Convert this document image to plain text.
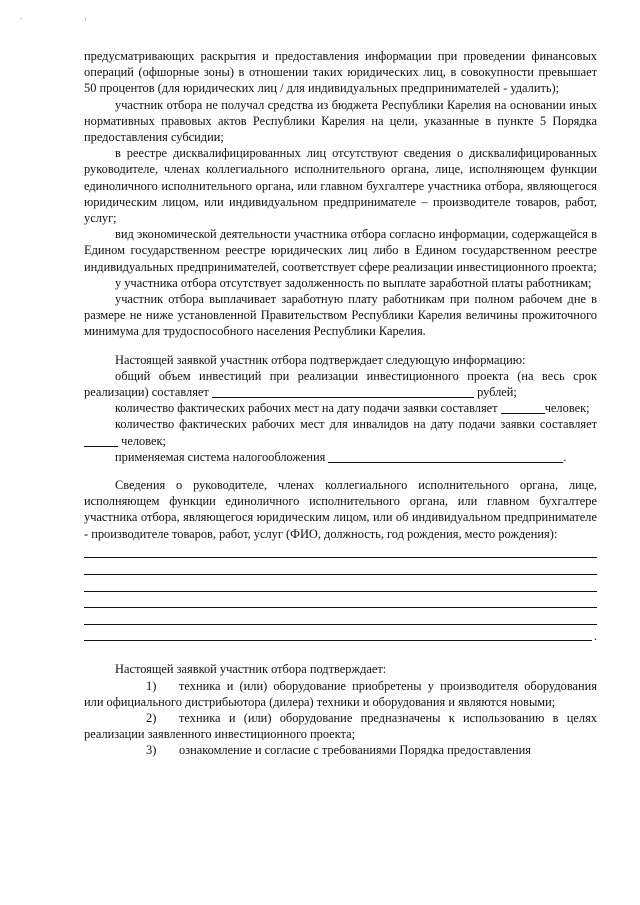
` '

предусматривающих раскрытия и предоставления информации при проведении финансовых операций (офшорные зоны) в отношении таких юридических лиц, в совокупности превышает 50 процентов (для юридических лиц / для индивидуальных предпринимателей - удалить);

участник отбора не получал средства из бюджета Республики Карелия на основании иных нормативных правовых актов Республики Карелия на цели, указанные в пункте 5 Порядка предоставления субсидии;

в реестре дисквалифицированных лиц отсутствуют сведения о дисквалифицированных руководителе, членах коллегиального исполнительного органа, лице, исполняющем функции единоличного исполнительного органа, или главном бухгалтере участника отбора, являющегося юридическим лицом, или индивидуальном предпринимателе – производителе товаров, работ, услуг;

вид экономической деятельности участника отбора согласно информации, содержащейся в Едином государственном реестре юридических лиц либо в Едином государственном реестре индивидуальных предпринимателей, соответствует сфере реализации инвестиционного проекта;

у участника отбора отсутствует задолженность по выплате заработной платы работникам;

участник отбора выплачивает заработную плату работникам при полном рабочем дне в размере не ниже установленной Правительством Республики Карелия величины прожиточного минимума для трудоспособного населения Республики Карелия.

Настоящей заявкой участник отбора подтверждает следующую информацию:

общий объем инвестиций при реализации инвестиционного проекта (на весь срок реализации) составляет	рублей;

количество фактических рабочих мест на дату подачи заявки составляет	человек;

количество фактических рабочих мест для инвалидов на дату подачи заявки составляет  человек;

применяемая система налогообложения	.

Сведения о руководителе, членах коллегиального исполнительного органа, лице, исполняющем функции единоличного исполнительного органа, или главном бухгалтере участника отбора, являющегося юридическим лицом, или об индивидуальном предпринимателе - производителе товаров, работ, услуг (ФИО, должность, год рождения, место рождения):

.

Настоящей заявкой участник отбора подтверждает:

1) техника и (или) оборудование приобретены у производителя оборудования или официального дистрибьютора (дилера) техники и оборудования и являются новыми;

2) техника и (или) оборудование предназначены к использованию в целях реализации заявленного инвестиционного проекта;

3) ознакомление и согласие с требованиями Порядка предоставления
